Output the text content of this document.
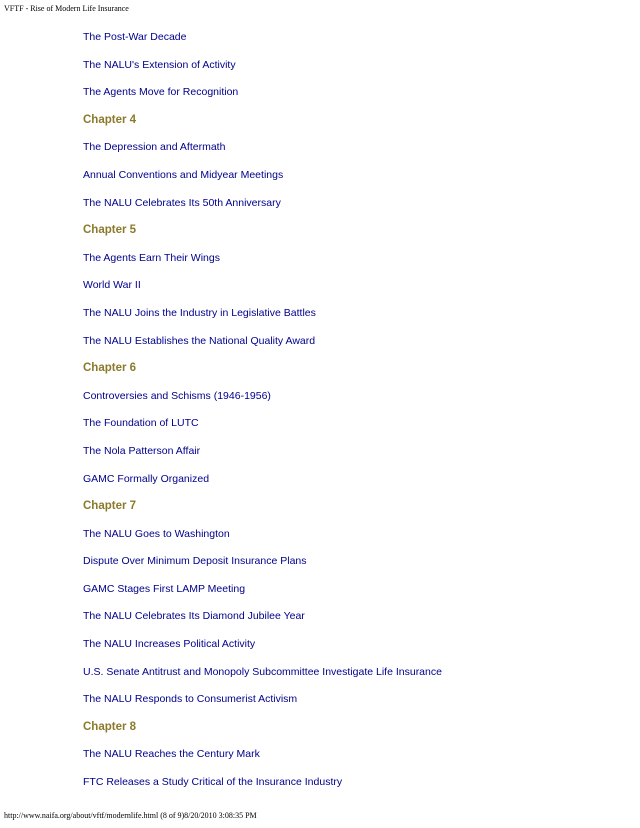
VFTF - Rise of Modern Life Insurance
The Post-War Decade
The NALU's Extension of Activity
The Agents Move for Recognition
Chapter 4
The Depression and Aftermath
Annual Conventions and Midyear Meetings
The NALU Celebrates Its 50th Anniversary
Chapter 5
The Agents Earn Their Wings
World War II
The NALU Joins the Industry in Legislative Battles
The NALU Establishes the National Quality Award
Chapter 6
Controversies and Schisms (1946-1956)
The Foundation of LUTC
The Nola Patterson Affair
GAMC Formally Organized
Chapter 7
The NALU Goes to Washington
Dispute Over Minimum Deposit Insurance Plans
GAMC Stages First LAMP Meeting
The NALU Celebrates Its Diamond Jubilee Year
The NALU Increases Political Activity
U.S. Senate Antitrust and Monopoly Subcommittee Investigate Life Insurance
The NALU Responds to Consumerist Activism
Chapter 8
The NALU Reaches the Century Mark
FTC Releases a Study Critical of the Insurance Industry
http://www.naifa.org/about/vftf/modernlife.html (8 of 9)8/20/2010 3:08:35 PM
